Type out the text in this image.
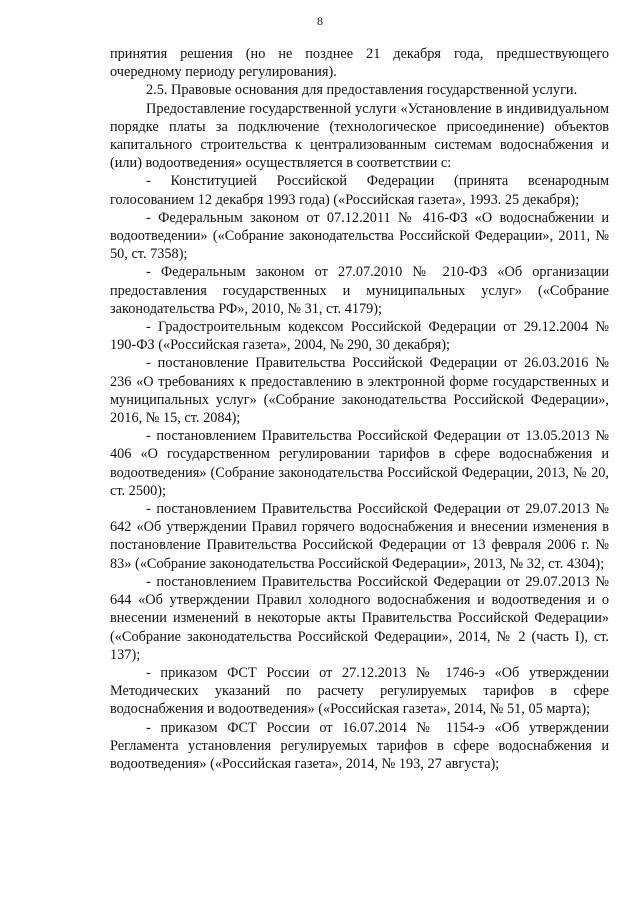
8

принятия решения (но не позднее 21 декабря года, предшествующего очередному периоду регулирования).

2.5. Правовые основания для предоставления государственной услуги.

Предоставление государственной услуги «Установление в индивидуальном порядке платы за подключение (технологическое присоединение) объектов капитального строительства к централизованным системам водоснабжения и (или) водоотведения» осуществляется в соответствии с:

- Конституцией Российской Федерации (принята всенародным голосованием 12 декабря 1993 года) («Российская газета», 1993. 25 декабря);

- Федеральным законом от 07.12.2011 № 416-ФЗ «О водоснабжении и водоотведении» («Собрание законодательства Российской Федерации», 2011, № 50, ст. 7358);

- Федеральным законом от 27.07.2010 № 210-ФЗ «Об организации предоставления государственных и муниципальных услуг» («Собрание законодательства РФ», 2010, № 31, ст. 4179);

- Градостроительным кодексом Российской Федерации от 29.12.2004 № 190-ФЗ («Российская газета», 2004, № 290, 30 декабря);

- постановление Правительства Российской Федерации от 26.03.2016 № 236 «О требованиях к предоставлению в электронной форме государственных и муниципальных услуг» («Собрание законодательства Российской Федерации», 2016, № 15, ст. 2084);

- постановлением Правительства Российской Федерации от 13.05.2013 № 406 «О государственном регулировании тарифов в сфере водоснабжения и водоотведения» (Собрание законодательства Российской Федерации, 2013, № 20, ст. 2500);

- постановлением Правительства Российской Федерации от 29.07.2013 № 642 «Об утверждении Правил горячего водоснабжения и внесении изменения в постановление Правительства Российской Федерации от 13 февраля 2006 г. № 83» («Собрание законодательства Российской Федерации», 2013, № 32, ст. 4304);

- постановлением Правительства Российской Федерации от 29.07.2013 № 644 «Об утверждении Правил холодного водоснабжения и водоотведения и о внесении изменений в некоторые акты Правительства Российской Федерации» («Собрание законодательства Российской Федерации», 2014, № 2 (часть I), ст. 137);

- приказом ФСТ России от 27.12.2013 № 1746-э «Об утверждении Методических указаний по расчету регулируемых тарифов в сфере водоснабжения и водоотведения» («Российская газета», 2014, № 51, 05 марта);

- приказом ФСТ России от 16.07.2014 № 1154-э «Об утверждении Регламента установления регулируемых тарифов в сфере водоснабжения и водоотведения» («Российская газета», 2014, № 193, 27 августа);
